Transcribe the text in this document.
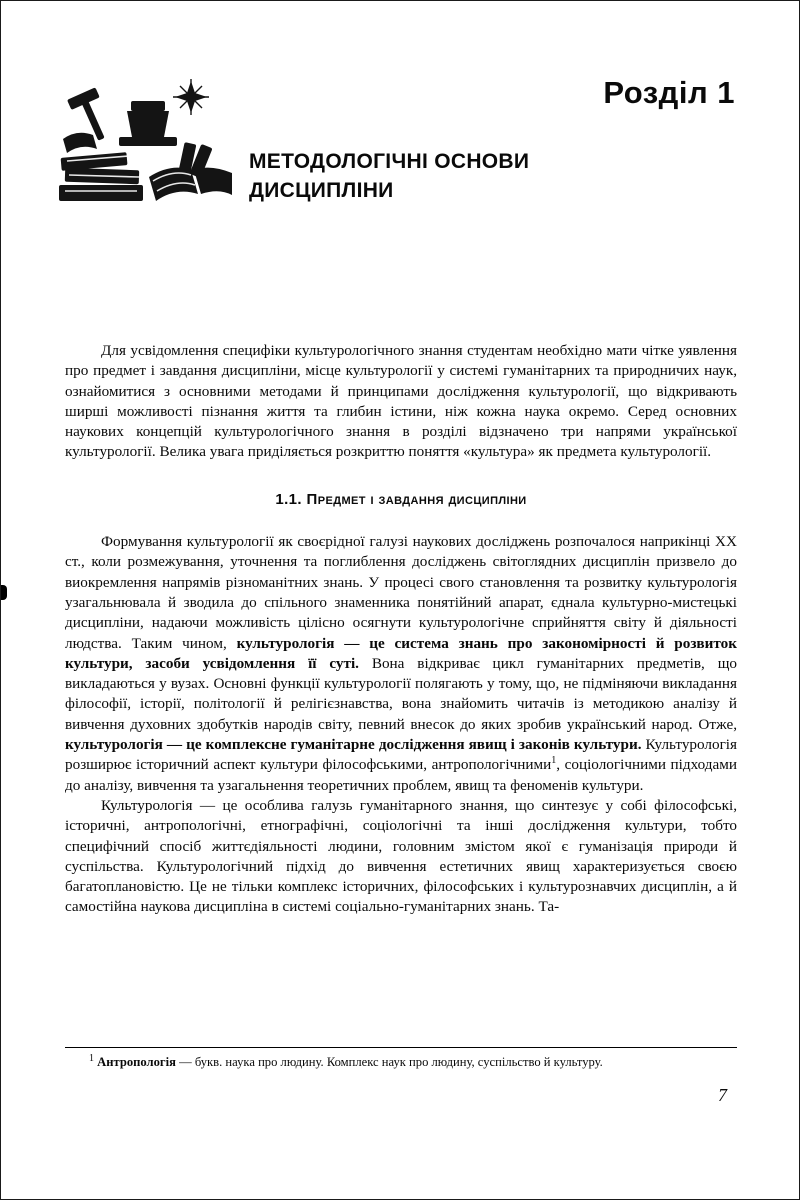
Розділ 1
МЕТОДОЛОГІЧНІ ОСНОВИ
ДИСЦИПЛІНИ

Для усвідомлення специфіки культурологічного знання студентам необхідно мати чітке уявлення про предмет і завдання дисципліни, місце культурології у системі гуманітарних та природничих наук, ознайомитися з основними методами й принципами дослідження культурології, що відкривають ширші можливості пізнання життя та глибин істини, ніж кожна наука окремо. Серед основних наукових концепцій культурологічного знання в розділі відзначено три напрями української культурології. Велика увага приділяється розкриттю поняття «культура» як предмета культурології.

1.1. Предмет і завдання дисципліни

Формування культурології як своєрідної галузі наукових досліджень розпочалося наприкінці XX ст., коли розмежування, уточнення та поглиблення досліджень світоглядних дисциплін призвело до виокремлення напрямів різноманітних знань. У процесі свого становлення та розвитку культурологія узагальнювала й зводила до спільного знаменника понятійний апарат, єднала культурно-мистецькі дисципліни, надаючи можливість цілісно осягнути культурологічне сприйняття світу й діяльності людства. Таким чином, культурологія — це система знань про закономірності й розвиток культури, засоби усвідомлення її суті. Вона відкриває цикл гуманітарних предметів, що викладаються у вузах. Основні функції культурології полягають у тому, що, не підміняючи викладання філософії, історії, політології й релігієзнавства, вона знайомить читачів із методикою аналізу й вивчення духовних здобутків народів світу, певний внесок до яких зробив український народ. Отже, культурологія — це комплексне гуманітарне дослідження явищ і законів культури. Культурологія розширює історичний аспект культури філософськими, антропологічними$^1$, соціологічними підходами до аналізу, вивчення та узагальнення теоретичних проблем, явищ та феноменів культури.

Культурологія — це особлива галузь гуманітарного знання, що синтезує у собі філософські, історичні, антропологічні, етнографічні, соціологічні та інші дослідження культури, тобто специфічний спосіб життєдіяльності людини, головним змістом якої є гуманізація природи й суспільства. Культурологічний підхід до вивчення естетичних явищ характеризується своєю багатоплановістю. Це не тільки комплекс історичних, філософських і культурознавчих дисциплін, а й самостійна наукова дисципліна в системі соціально-гуманітарних знань. Та-

$^1$ Антропологія — букв. наука про людину. Комплекс наук про людину, суспільство й культуру.

7
